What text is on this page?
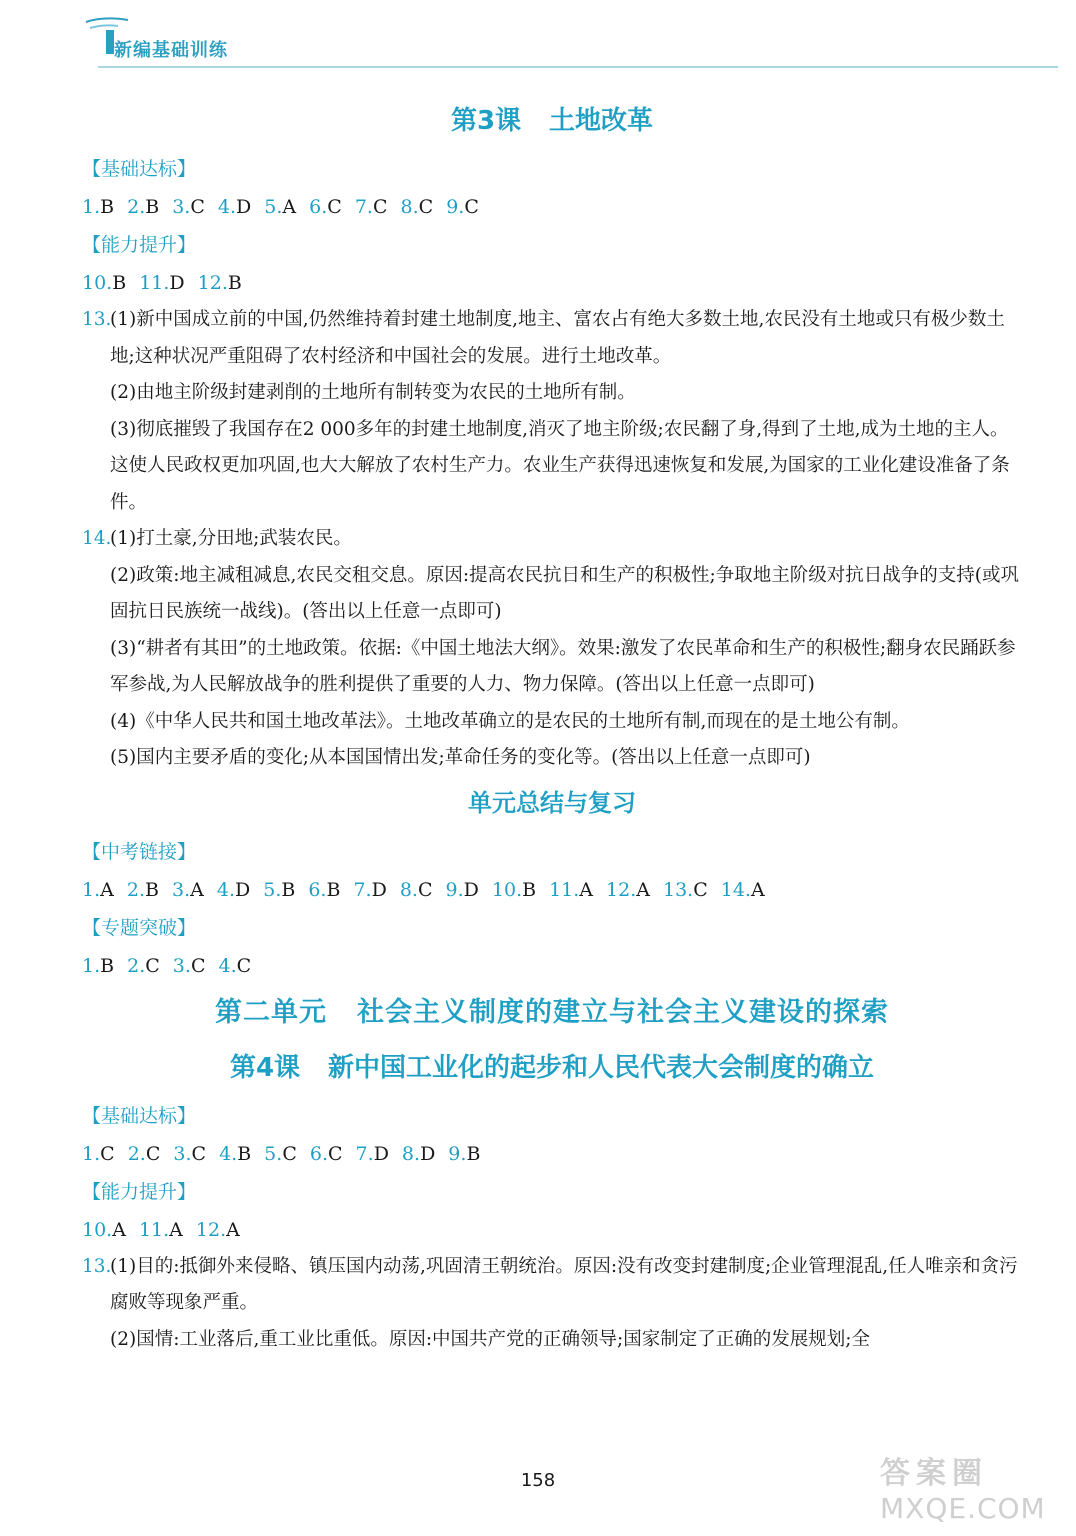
新编基础训练
第3课 土地改革
【基础达标】
1.B 2.B 3.C 4.D 5.A 6.C 7.C 8.C 9.C
【能力提升】
10.B 11.D 12.B
13.

(1)新中国成立前的中国,仍然维持着封建土地制度,地主、富农占有绝大多数土地,农民没有土地或只有极少数土地;这种状况严重阻碍了农村经济和中国社会的发展。进行土地改革。

(2)由地主阶级封建剥削的土地所有制转变为农民的土地所有制。

(3)彻底摧毁了我国存在2 000多年的封建土地制度,消灭了地主阶级;农民翻了身,得到了土地,成为土地的主人。这使人民政权更加巩固,也大大解放了农村生产力。农业生产获得迅速恢复和发展,为国家的工业化建设准备了条件。

14.

(1)打土豪,分田地;武装农民。

(2)政策:地主减租减息,农民交租交息。原因:提高农民抗日和生产的积极性;争取地主阶级对抗日战争的支持(或巩固抗日民族统一战线)。(答出以上任意一点即可)

(3)“耕者有其田”的土地政策。依据:《中国土地法大纲》。效果:激发了农民革命和生产的积极性;翻身农民踊跃参军参战,为人民解放战争的胜利提供了重要的人力、物力保障。(答出以上任意一点即可)

(4)《中华人民共和国土地改革法》。土地改革确立的是农民的土地所有制,而现在的是土地公有制。

(5)国内主要矛盾的变化;从本国国情出发;革命任务的变化等。(答出以上任意一点即可)

单元总结与复习
【中考链接】
1.A 2.B 3.A 4.D 5.B 6.B 7.D 8.C 9.D 10.B 11.A 12.A 13.C 14.A
【专题突破】
1.B 2.C 3.C 4.C
第二单元 社会主义制度的建立与社会主义建设的探索
第4课 新中国工业化的起步和人民代表大会制度的确立
【基础达标】
1.C 2.C 3.C 4.B 5.C 6.C 7.D 8.D 9.B
【能力提升】
10.A 11.A 12.A
13.

(1)目的:抵御外来侵略、镇压国内动荡,巩固清王朝统治。原因:没有改变封建制度;企业管理混乱,任人唯亲和贪污腐败等现象严重。

(2)国情:工业落后,重工业比重低。原因:中国共产党的正确领导;国家制定了正确的发展规划;全

158	答案圈
MXQE.COM
